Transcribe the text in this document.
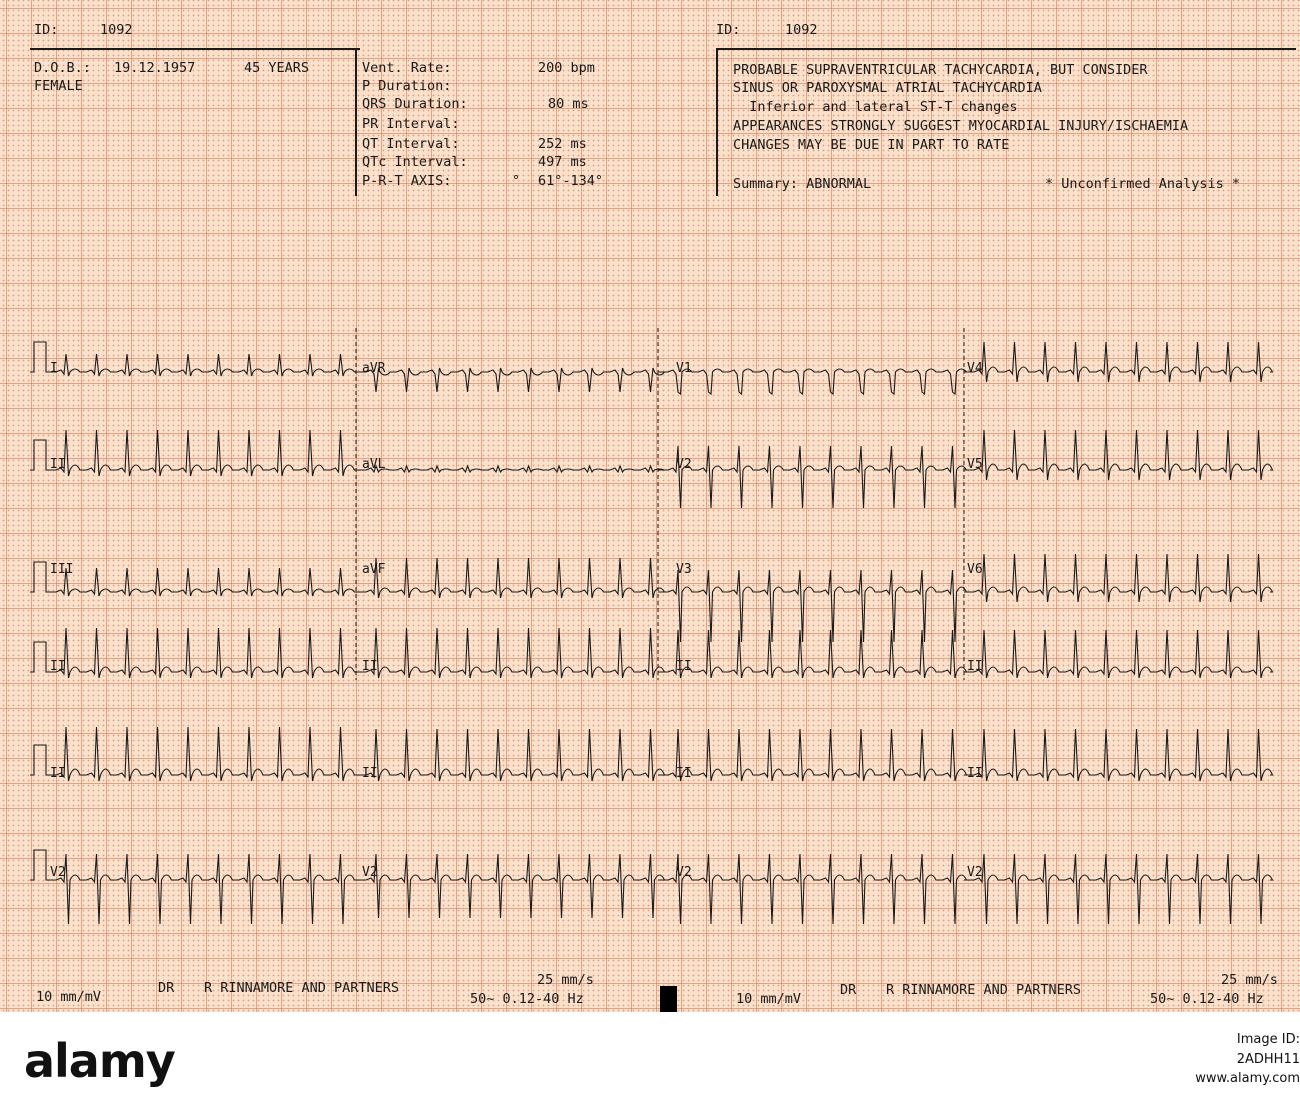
ID:	1092	ID:	1092
D.O.B.: 19.12.1957	45 YEARS
FEMALE
Vent. Rate:	200 bpm
P Duration:
QRS Duration:	80 ms
PR Interval:
QT Interval:	252 ms
QTc Interval:	497 ms
P-R-T AXIS:	° 61°-134°
PROBABLE SUPRAVENTRICULAR TACHYCARDIA, BUT CONSIDER
SINUS OR PAROXYSMAL ATRIAL TACHYCARDIA
Inferior and lateral ST-T changes
APPEARANCES STRONGLY SUGGEST MYOCARDIAL INJURY/ISCHAEMIA
CHANGES MAY BE DUE IN PART TO RATE
Summary: ABNORMAL	* Unconfirmed Analysis *
I	aVR	V1	V4
II	aVL	V2	V5
III	aVF	V3	V6
II	II	II	II
II	II	II	II
V2	V2	V2	V2
10 mm/mV
DR R RINNAMORE AND PARTNERS	25 mm/s
50~ 0.12-40 Hz	10 mm/mV
DR R RINNAMORE AND PARTNERS
25 mm/s
50~ 0.12-40 Hz
alamy	Image ID: 2ADHH11
www.alamy.com
